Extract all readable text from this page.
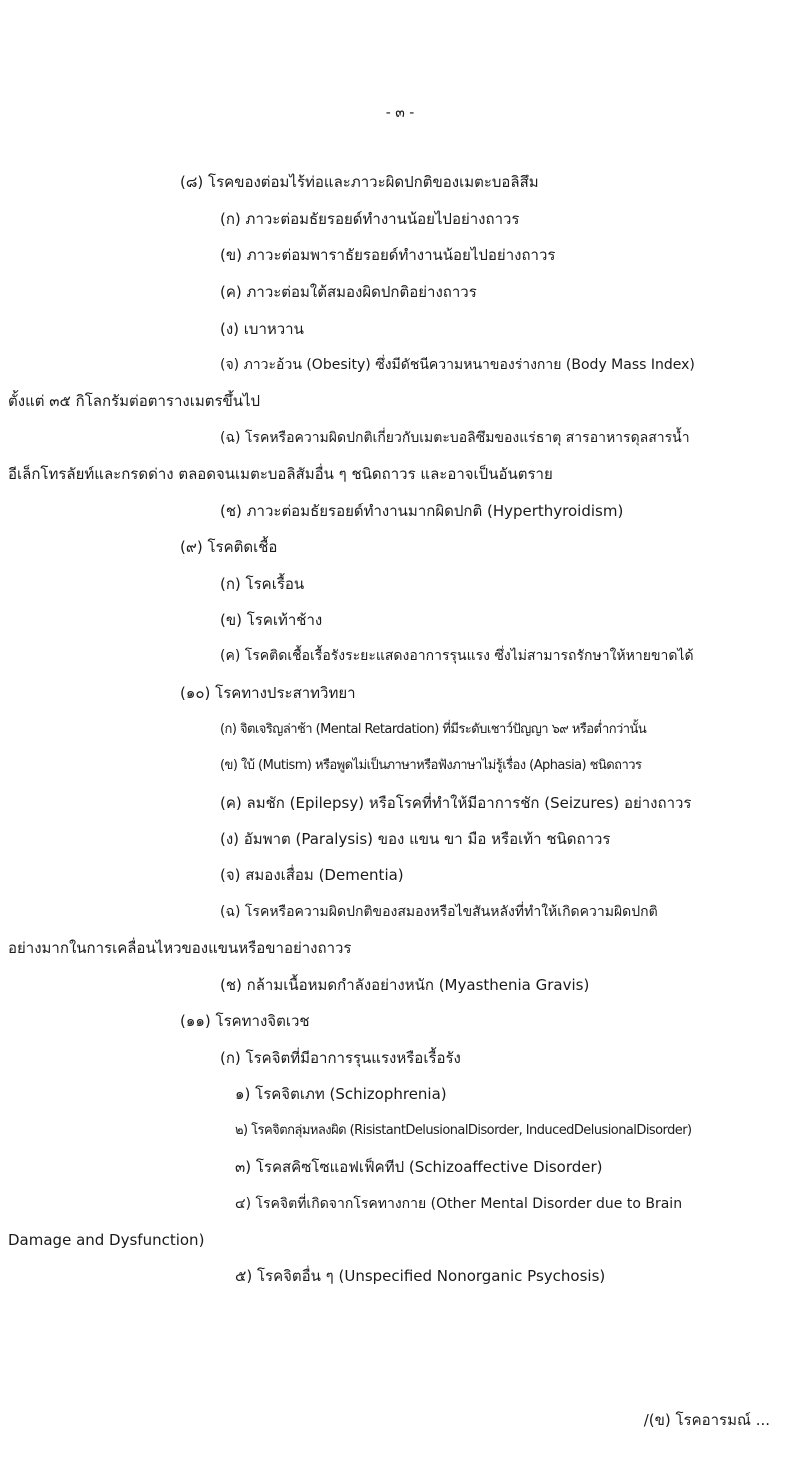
- ๓ -
(๘) โรคของต่อมไร้ท่อและภาวะผิดปกติของเมตะบอลิสึม
(ก) ภาวะต่อมธัยรอยด์ทำงานน้อยไปอย่างถาวร
(ข) ภาวะต่อมพาราธัยรอยด์ทำงานน้อยไปอย่างถาวร
(ค) ภาวะต่อมใต้สมองผิดปกติอย่างถาวร
(ง) เบาหวาน
(จ) ภาวะอ้วน (Obesity) ซึ่งมีดัชนีความหนาของร่างกาย (Body Mass Index)
ตั้งแต่ ๓๕ กิโลกรัมต่อตารางเมตรขึ้นไป
(ฉ) โรคหรือความผิดปกติเกี่ยวกับเมตะบอลิซึมของแร่ธาตุ สารอาหารดุลสารน้ำ
อีเล็กโทรลัยท์และกรดด่าง ตลอดจนเมตะบอลิสัมอื่น ๆ ชนิดถาวร และอาจเป็นอันตราย
(ช) ภาวะต่อมธัยรอยด์ทำงานมากผิดปกติ (Hyperthyroidism)
(๙) โรคติดเชื้อ
(ก) โรคเรื้อน
(ข) โรคเท้าช้าง
(ค) โรคติดเชื้อเรื้อรังระยะแสดงอาการรุนแรง ซึ่งไม่สามารถรักษาให้หายขาดได้
(๑๐) โรคทางประสาทวิทยา
(ก) จิตเจริญล่าช้า (Mental Retardation) ที่มีระดับเชาว์ปัญญา ๖๙ หรือต่ำกว่านั้น
(ข) ใบ้ (Mutism) หรือพูดไม่เป็นภาษาหรือฟังภาษาไม่รู้เรื่อง (Aphasia) ชนิดถาวร
(ค) ลมชัก (Epilepsy) หรือโรคที่ทำให้มีอาการชัก (Seizures) อย่างถาวร
(ง) อัมพาต (Paralysis) ของ แขน ขา มือ หรือเท้า ชนิดถาวร
(จ) สมองเสื่อม (Dementia)
(ฉ) โรคหรือความผิดปกติของสมองหรือไขสันหลังที่ทำให้เกิดความผิดปกติ
อย่างมากในการเคลื่อนไหวของแขนหรือขาอย่างถาวร
(ช) กล้ามเนื้อหมดกำลังอย่างหนัก (Myasthenia Gravis)
(๑๑) โรคทางจิตเวช
(ก) โรคจิตที่มีอาการรุนแรงหรือเรื้อรัง
๑) โรคจิตเภท (Schizophrenia)
๒) โรคจิตกลุ่มหลงผิด (RisistantDelusionalDisorder, InducedDelusionalDisorder)
๓) โรคสคิซโซแอฟเฟ็คทีป (Schizoaffective Disorder)
๔) โรคจิตที่เกิดจากโรคทางกาย (Other Mental Disorder due to Brain
Damage and Dysfunction)
๕) โรคจิตอื่น ๆ (Unspecified Nonorganic Psychosis)
/(ข) โรคอารมณ์ ...
